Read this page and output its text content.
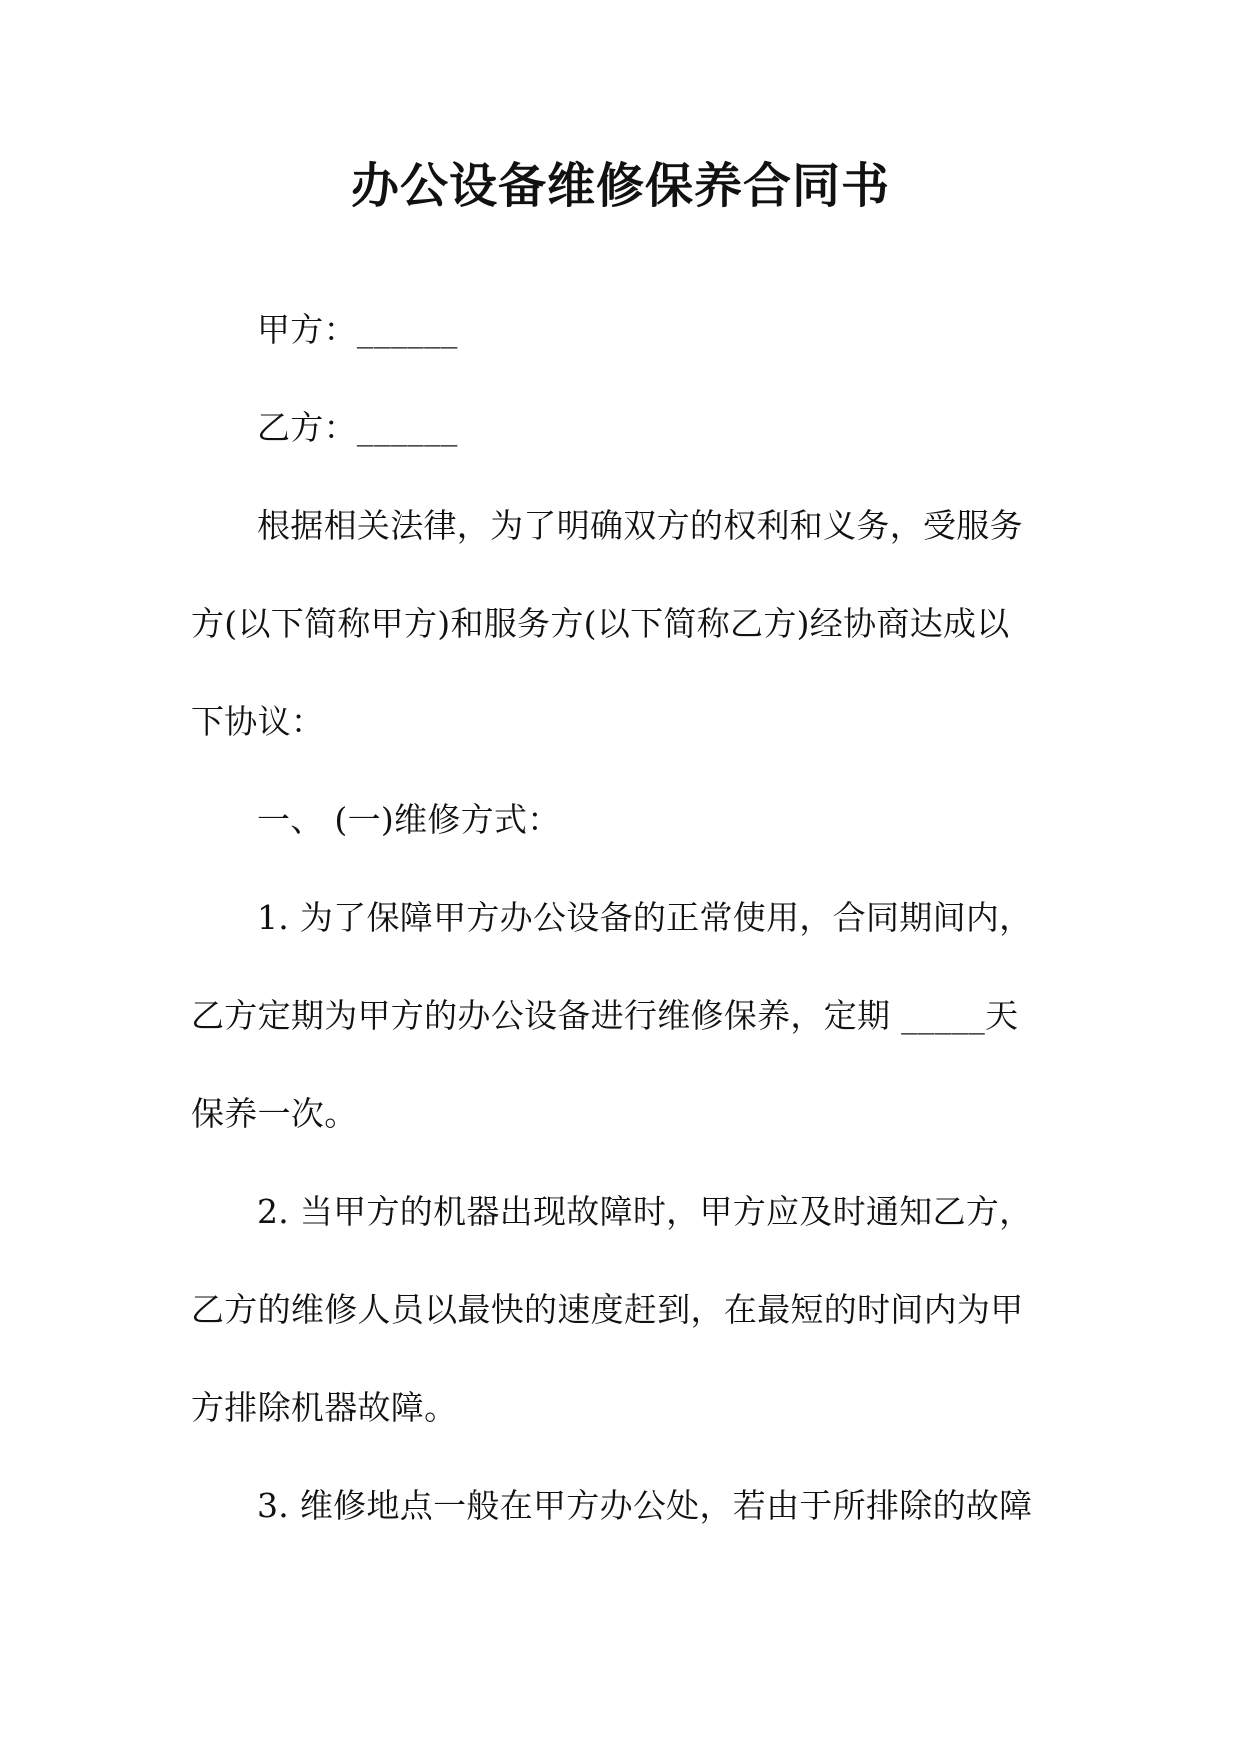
办公设备维修保养合同书
甲方：______
乙方：______
根据相关法律，为了明确双方的权利和义务，受服务
方(以下简称甲方)和服务方(以下简称乙方)经协商达成以
下协议：
一、 (一)维修方式：
1. 为了保障甲方办公设备的正常使用，合同期间内，
乙方定期为甲方的办公设备进行维修保养，定期 _____天
保养一次。
2. 当甲方的机器出现故障时，甲方应及时通知乙方，
乙方的维修人员以最快的速度赶到，在最短的时间内为甲
方排除机器故障。
3. 维修地点一般在甲方办公处，若由于所排除的故障
